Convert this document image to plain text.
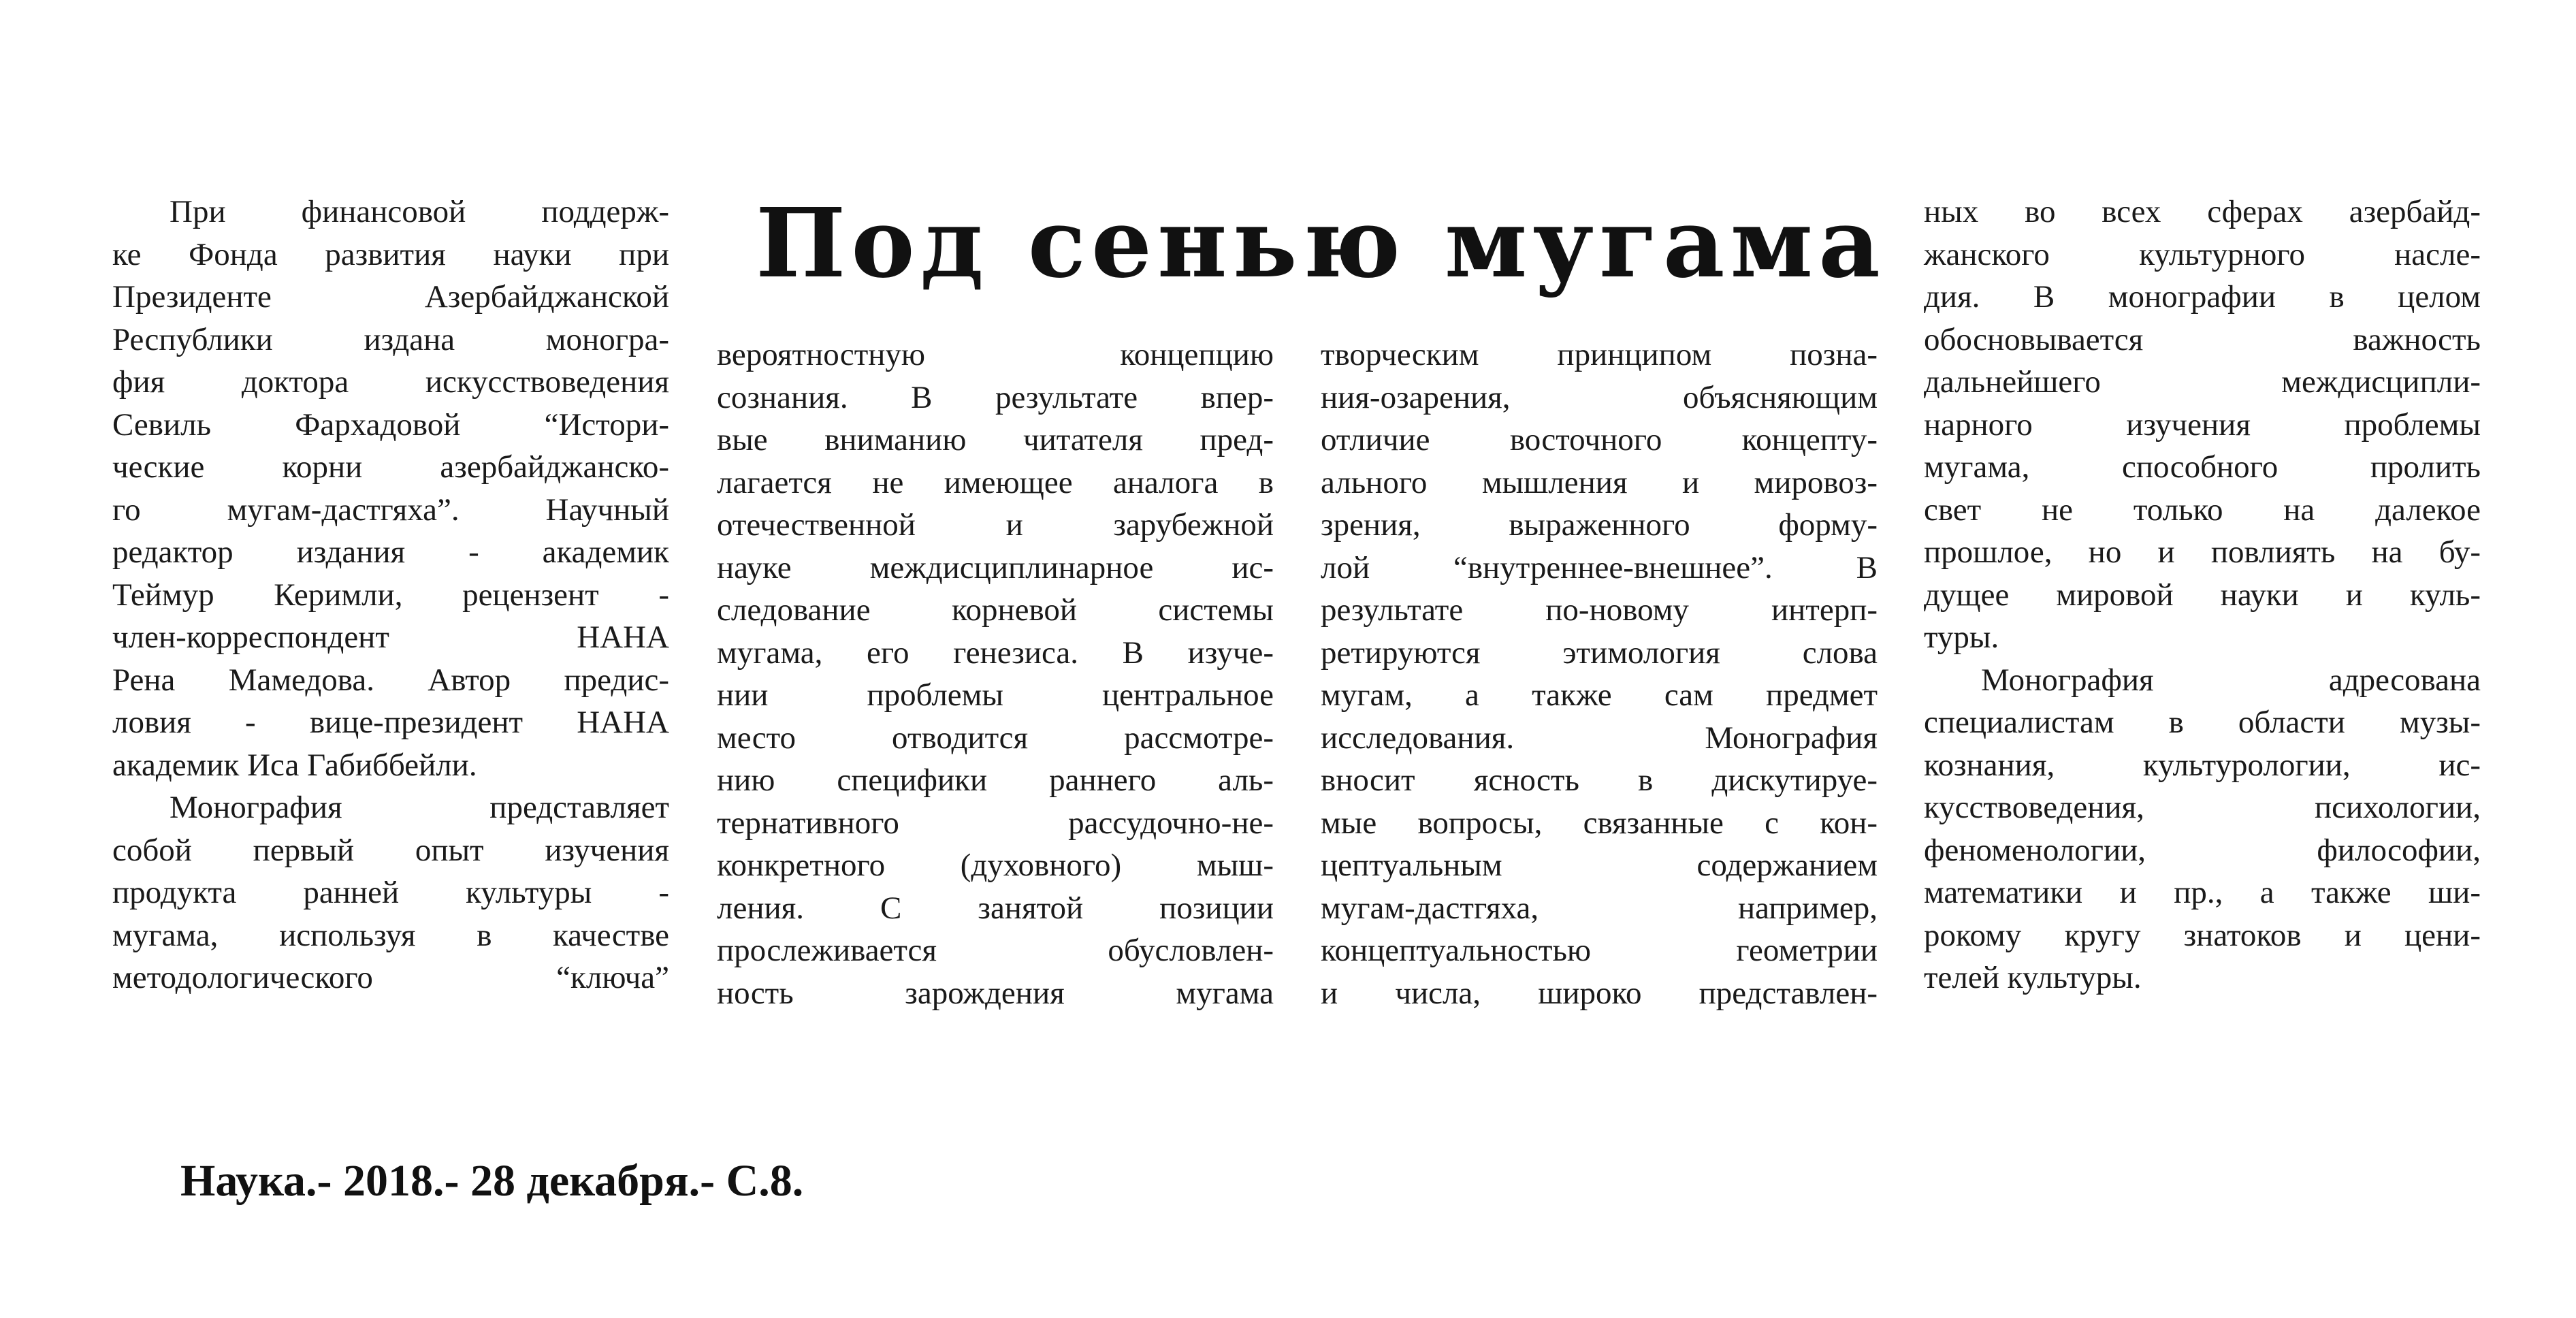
Под сенью мугама

При финансовой поддерж-
ке Фонда развития науки при
Президенте Азербайджанской
Республики издана моногра-
фия доктора искусствоведения
Севиль Фархадовой “Истори-
ческие корни азербайджанско-
го мугам-дастгяха”. Научный
редактор издания - академик
Теймур Керимли, рецензент -
член-корреспондент НАНА
Рена Мамедова. Автор предис-
ловия - вице-президент НАНА
академик Иса Габиббейли.

Монография представляет
собой первый опыт изучения
продукта ранней культуры -
мугама, используя в качестве
методологического “ключа”

вероятностную концепцию
сознания. В результате впер-
вые вниманию читателя пред-
лагается не имеющее аналога в
отечественной и зарубежной
науке междисциплинарное ис-
следование корневой системы
мугама, его генезиса. В изуче-
нии проблемы центральное
место отводится рассмотре-
нию специфики раннего аль-
тернативного рассудочно-не-
конкретного (духовного) мыш-
ления. С занятой позиции
прослеживается обусловлен-
ность зарождения мугама

творческим принципом позна-
ния-озарения, объясняющим
отличие восточного концепту-
ального мышления и мировоз-
зрения, выраженного форму-
лой “внутреннее-внешнее”. В
результате по-новому интерп-
ретируются этимология слова
мугам, а также сам предмет
исследования. Монография
вносит ясность в дискутируе-
мые вопросы, связанные с кон-
цептуальным содержанием
мугам-дастгяха, например,
концептуальностью геометрии
и числа, широко представлен-

ных во всех сферах азербайд-
жанского культурного насле-
дия. В монографии в целом
обосновывается важность
дальнейшего междисципли-
нарного изучения проблемы
мугама, способного пролить
свет не только на далекое
прошлое, но и повлиять на бу-
дущее мировой науки и куль-
туры.

Монография адресована
специалистам в области музы-
кознания, культурологии, ис-
кусствоведения, психологии,
феноменологии, философии,
математики и пр., а также ши-
рокому кругу знатоков и цени-
телей культуры.

Наука.- 2018.- 28 декабря.- С.8.
